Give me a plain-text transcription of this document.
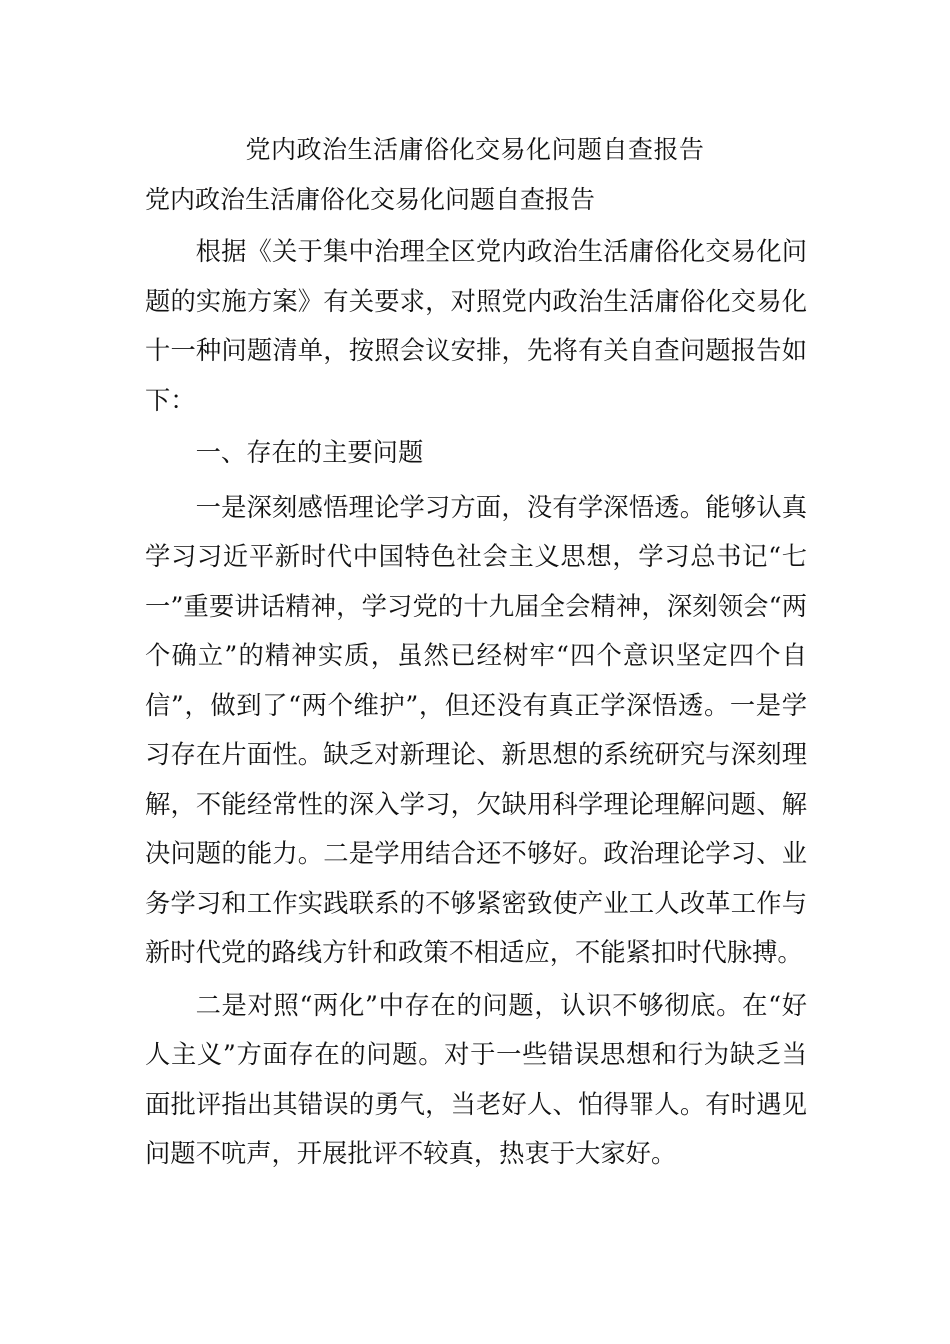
党内政治生活庸俗化交易化问题自查报告
党内政治生活庸俗化交易化问题自查报告

根据《关于集中治理全区党内政治生活庸俗化交易化问题的实施方案》有关要求，对照党内政治生活庸俗化交易化十一种问题清单，按照会议安排，先将有关自查问题报告如下：

一、存在的主要问题

一是深刻感悟理论学习方面，没有学深悟透。能够认真学习习近平新时代中国特色社会主义思想，学习总书记“七一”重要讲话精神，学习党的十九届全会精神，深刻领会“两个确立”的精神实质，虽然已经树牢“四个意识坚定四个自信”，做到了“两个维护”，但还没有真正学深悟透。一是学习存在片面性。缺乏对新理论、新思想的系统研究与深刻理解，不能经常性的深入学习，欠缺用科学理论理解问题、解决问题的能力。二是学用结合还不够好。政治理论学习、业务学习和工作实践联系的不够紧密致使产业工人改革工作与新时代党的路线方针和政策不相适应，不能紧扣时代脉搏。

二是对照“两化”中存在的问题，认识不够彻底。在“好人主义”方面存在的问题。对于一些错误思想和行为缺乏当面批评指出其错误的勇气，当老好人、怕得罪人。有时遇见问题不吭声，开展批评不较真，热衷于大家好。
